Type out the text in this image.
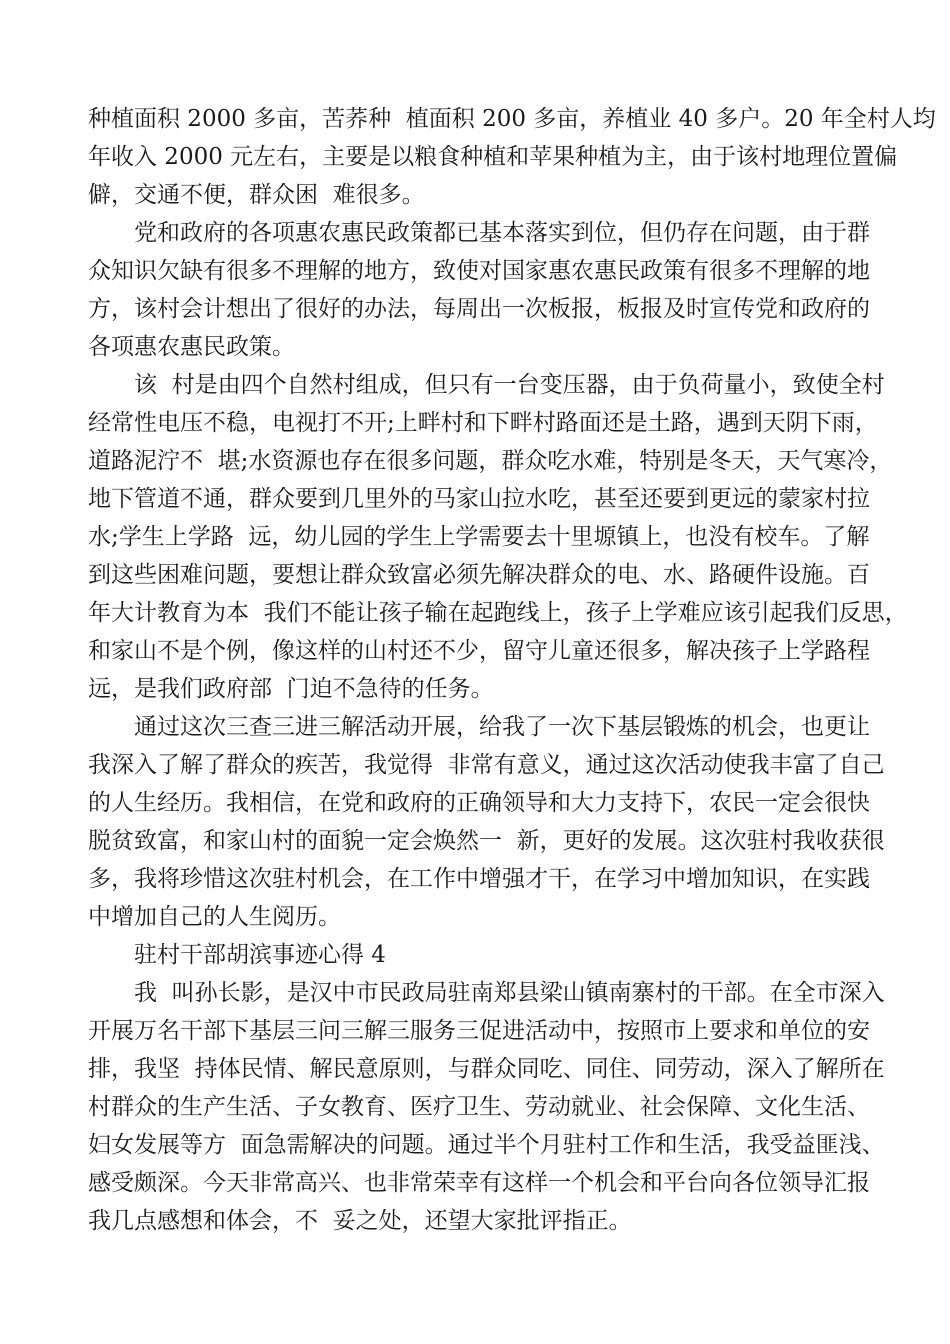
种植面积 2000 多亩，苦荞种  植面积 200 多亩，养植业 40 多户。20 年全村人均
年收入 2000 元左右，主要是以粮食种植和苹果种植为主，由于该村地理位置偏
僻，交通不便，群众困  难很多。
党和政府的各项惠农惠民政策都已基本落实到位，但仍存在问题，由于群
众知识欠缺有很多不理解的地方，致使对国家惠农惠民政策有很多不理解的地
方，该村会计想出了很好的办法，每周出一次板报，板报及时宣传党和政府的
各项惠农惠民政策。
该  村是由四个自然村组成，但只有一台变压器，由于负荷量小，致使全村
经常性电压不稳，电视打不开;上畔村和下畔村路面还是土路，遇到天阴下雨，
道路泥泞不  堪;水资源也存在很多问题，群众吃水难，特别是冬天，天气寒冷，
地下管道不通，群众要到几里外的马家山拉水吃，甚至还要到更远的蒙家村拉
水;学生上学路  远，幼儿园的学生上学需要去十里塬镇上，也没有校车。了解
到这些困难问题，要想让群众致富必须先解决群众的电、水、路硬件设施。百
年大计教育为本  我们不能让孩子输在起跑线上，孩子上学难应该引起我们反思，
和家山不是个例，像这样的山村还不少，留守儿童还很多，解决孩子上学路程
远，是我们政府部  门迫不急待的任务。
通过这次三查三进三解活动开展，给我了一次下基层锻炼的机会，也更让
我深入了解了群众的疾苦，我觉得  非常有意义，通过这次活动使我丰富了自己
的人生经历。我相信，在党和政府的正确领导和大力支持下，农民一定会很快
脱贫致富，和家山村的面貌一定会焕然一  新，更好的发展。这次驻村我收获很
多，我将珍惜这次驻村机会，在工作中增强才干，在学习中增加知识，在实践
中增加自己的人生阅历。
驻村干部胡滨事迹心得 4
我  叫孙长影，是汉中市民政局驻南郑县梁山镇南寨村的干部。在全市深入
开展万名干部下基层三问三解三服务三促进活动中，按照市上要求和单位的安
排，我坚  持体民情、解民意原则，与群众同吃、同住、同劳动，深入了解所在
村群众的生产生活、子女教育、医疗卫生、劳动就业、社会保障、文化生活、
妇女发展等方  面急需解决的问题。通过半个月驻村工作和生活，我受益匪浅、
感受颇深。今天非常高兴、也非常荣幸有这样一个机会和平台向各位领导汇报
我几点感想和体会，不  妥之处，还望大家批评指正。
